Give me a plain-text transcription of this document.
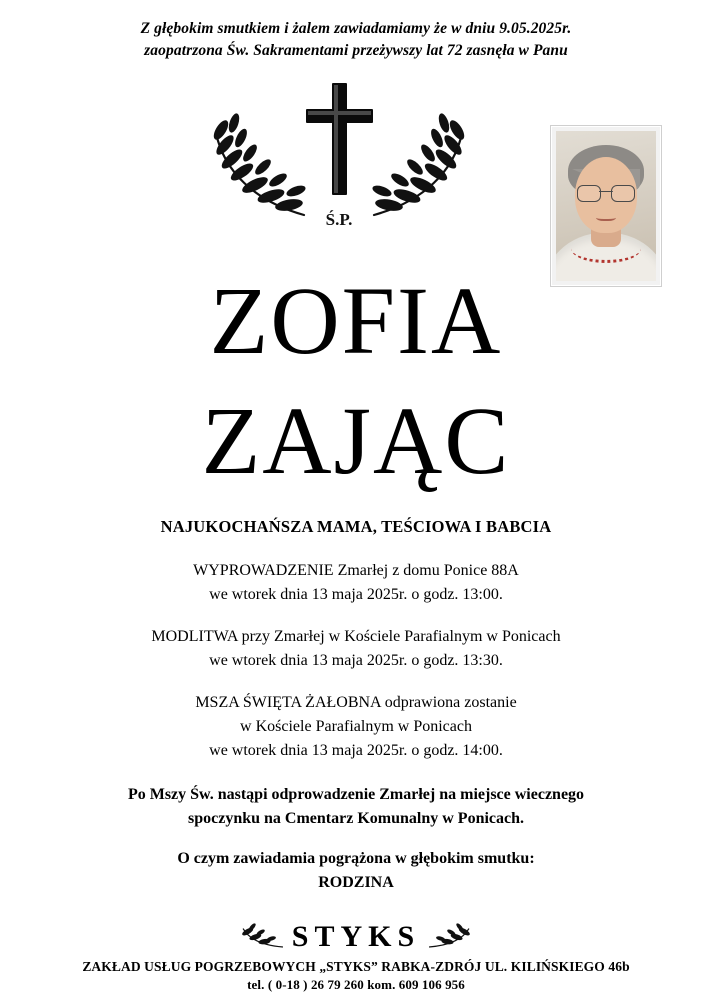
Z głębokim smutkiem i żalem zawiadamiamy że w dniu 9.05.2025r.
zaopatrzona Św. Sakramentami przeżywszy lat 72 zasnęła w Panu
Ś.P.
ZOFIA
ZAJĄC
NAJUKOCHAŃSZA MAMA, TEŚCIOWA I BABCIA
WYPROWADZENIE Zmarłej z domu Ponice 88A
we wtorek dnia 13 maja 2025r. o godz. 13:00.
MODLITWA przy Zmarłej w Kościele Parafialnym w Ponicach
we wtorek dnia 13 maja 2025r. o godz. 13:30.
MSZA ŚWIĘTA ŻAŁOBNA odprawiona zostanie
w Kościele Parafialnym w Ponicach
we wtorek dnia 13 maja 2025r. o godz. 14:00.
Po Mszy Św. nastąpi odprowadzenie Zmarłej na miejsce wiecznego
spoczynku na Cmentarz Komunalny w Ponicach.
O czym zawiadamia pogrążona w głębokim smutku:
RODZINA
STYKS
ZAKŁAD USŁUG POGRZEBOWYCH „STYKS” RABKA-ZDRÓJ UL. KILIŃSKIEGO 46b
tel. ( 0-18 ) 26 79 260 kom. 609 106 956
